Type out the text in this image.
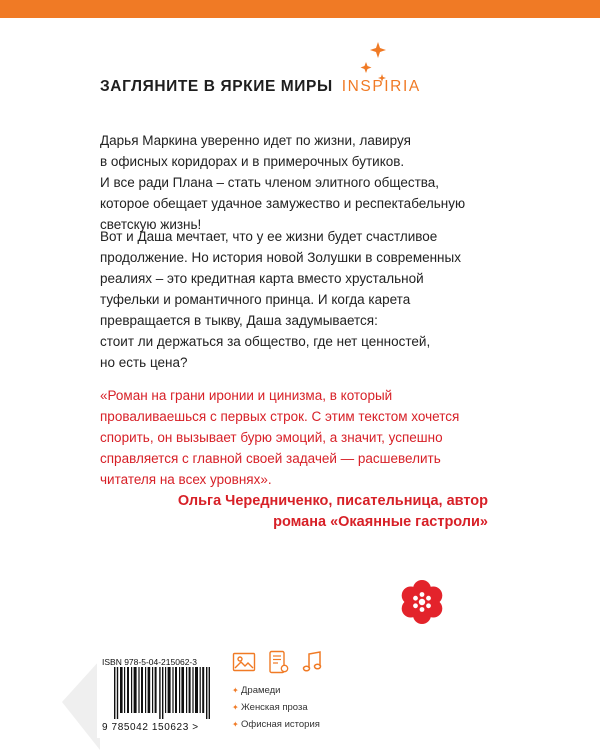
ЗАГЛЯНИТЕ В ЯРКИЕ МИРЫ INSPIRIA
Дарья Маркина уверенно идет по жизни, лавируя
в офисных коридорах и в примерочных бутиков.
И все ради Плана – стать членом элитного общества,
которое обещает удачное замужество и респектабельную
светскую жизнь!
Вот и Даша мечтает, что у ее жизни будет счастливое
продолжение. Но история новой Золушки в современных
реалиях – это кредитная карта вместо хрустальной
туфельки и романтичного принца. И когда карета
превращается в тыкву, Даша задумывается:
стоит ли держаться за общество, где нет ценностей,
но есть цена?
«Роман на грани иронии и цинизма, в который
проваливаешься с первых строк. С этим текстом хочется
спорить, он вызывает бурю эмоций, а значит, успешно
справляется с главной своей задачей — расшевелить
читателя на всех уровнях».
Ольга Чередниченко, писательница, автор
романа «Окаянные гастроли»
ISBN 978-5-04-215062-3
9 785042 150623 >
✦ Драмеди
✦ Женская проза
✦ Офисная история
